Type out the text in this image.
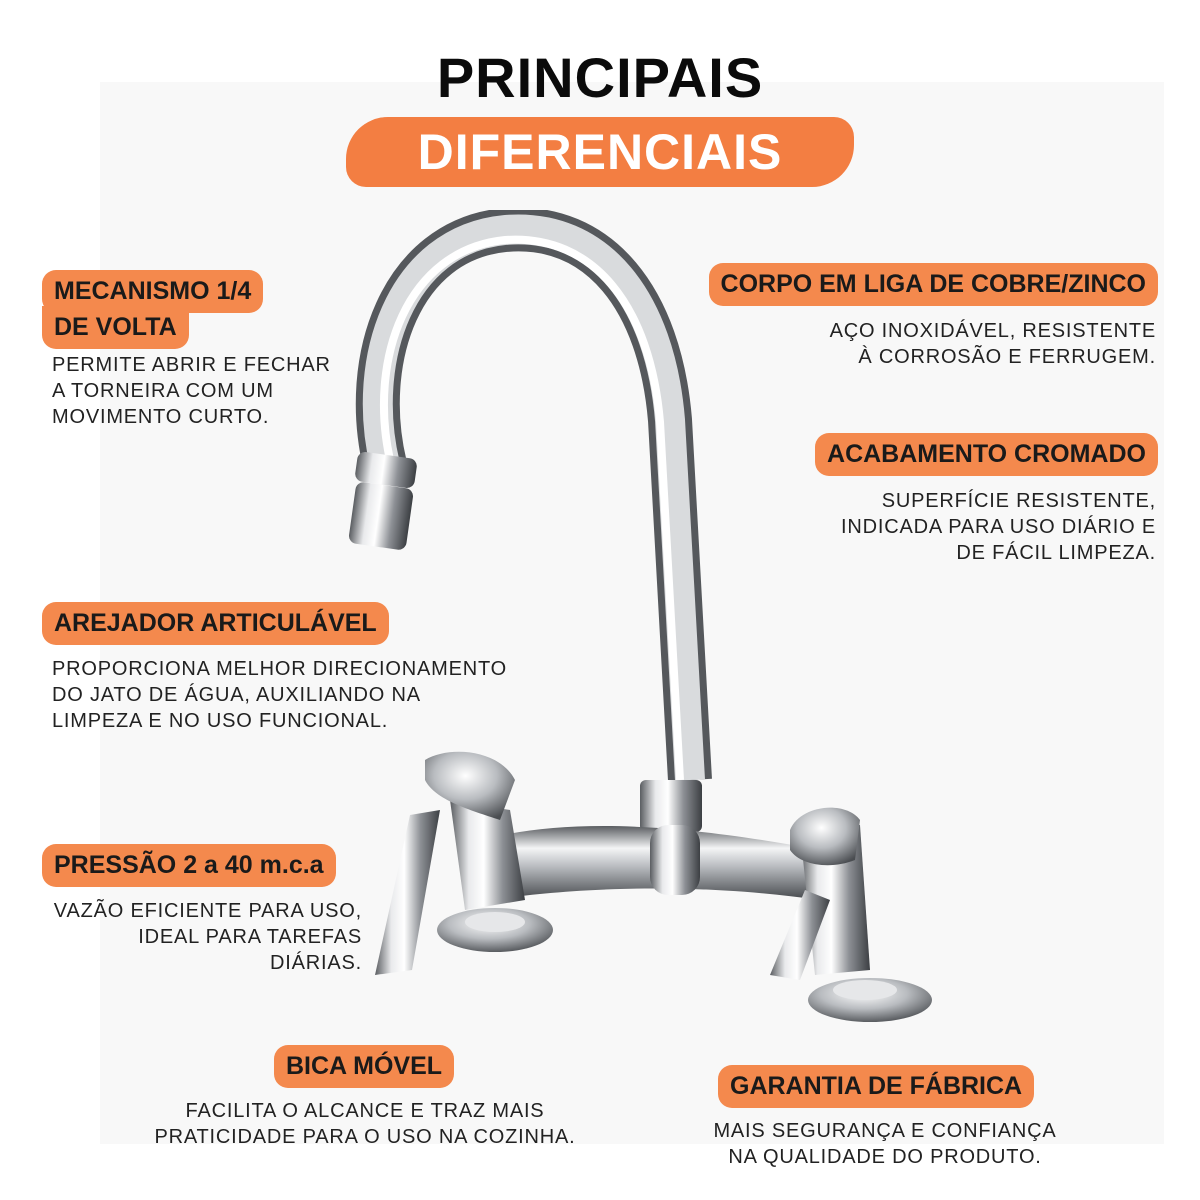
PRINCIPAIS
DIFERENCIAIS
MECANISMO 1/4
DE VOLTA
PERMITE ABRIR E FECHAR
A TORNEIRA COM UM
MOVIMENTO CURTO.
CORPO EM LIGA DE COBRE/ZINCO
AÇO INOXIDÁVEL, RESISTENTE
À CORROSÃO E FERRUGEM.
ACABAMENTO CROMADO
SUPERFÍCIE RESISTENTE,
INDICADA PARA USO DIÁRIO E
DE FÁCIL LIMPEZA.
AREJADOR ARTICULÁVEL
PROPORCIONA MELHOR DIRECIONAMENTO
DO JATO DE ÁGUA, AUXILIANDO NA
LIMPEZA E NO USO FUNCIONAL.
PRESSÃO 2 a 40 m.c.a
VAZÃO EFICIENTE PARA USO,
IDEAL PARA TAREFAS DIÁRIAS.
BICA MÓVEL
FACILITA O ALCANCE E TRAZ MAIS
PRATICIDADE PARA O USO NA COZINHA.
GARANTIA DE FÁBRICA
MAIS SEGURANÇA E CONFIANÇA
NA QUALIDADE DO PRODUTO.
